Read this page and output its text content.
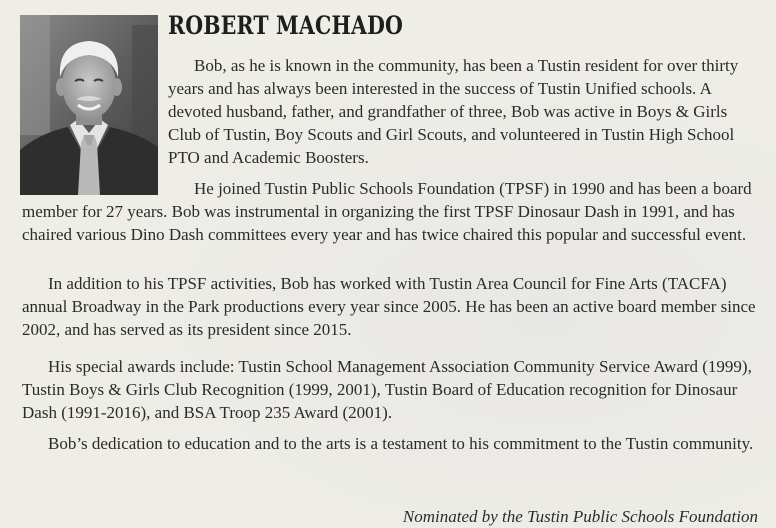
ROBERT MACHADO

Bob, as he is known in the community, has been a Tustin resident for over thirty years and has always been interested in the success of Tustin Unified schools. A devoted husband, father, and grandfather of three, Bob was active in Boys & Girls Club of Tustin, Boy Scouts and Girl Scouts, and volunteered in Tustin High School PTO and Academic Boosters.

He joined Tustin Public Schools Foundation (TPSF) in 1990 and has been a board member for 27 years. Bob was instrumental in organizing the first TPSF Dinosaur Dash in 1991, and has chaired various Dino Dash committees every year and has twice chaired this popular and successful event.

In addition to his TPSF activities, Bob has worked with Tustin Area Council for Fine Arts (TACFA) annual Broadway in the Park productions every year since 2005. He has been an active board member since 2002, and has served as its president since 2015.

His special awards include: Tustin School Management Association Community Service Award (1999), Tustin Boys & Girls Club Recognition (1999, 2001), Tustin Board of Education recognition for Dinosaur Dash (1991-2016), and BSA Troop 235 Award (2001).

Bob’s dedication to education and to the arts is a testament to his commitment to the Tustin community.

Nominated by the Tustin Public Schools Foundation
